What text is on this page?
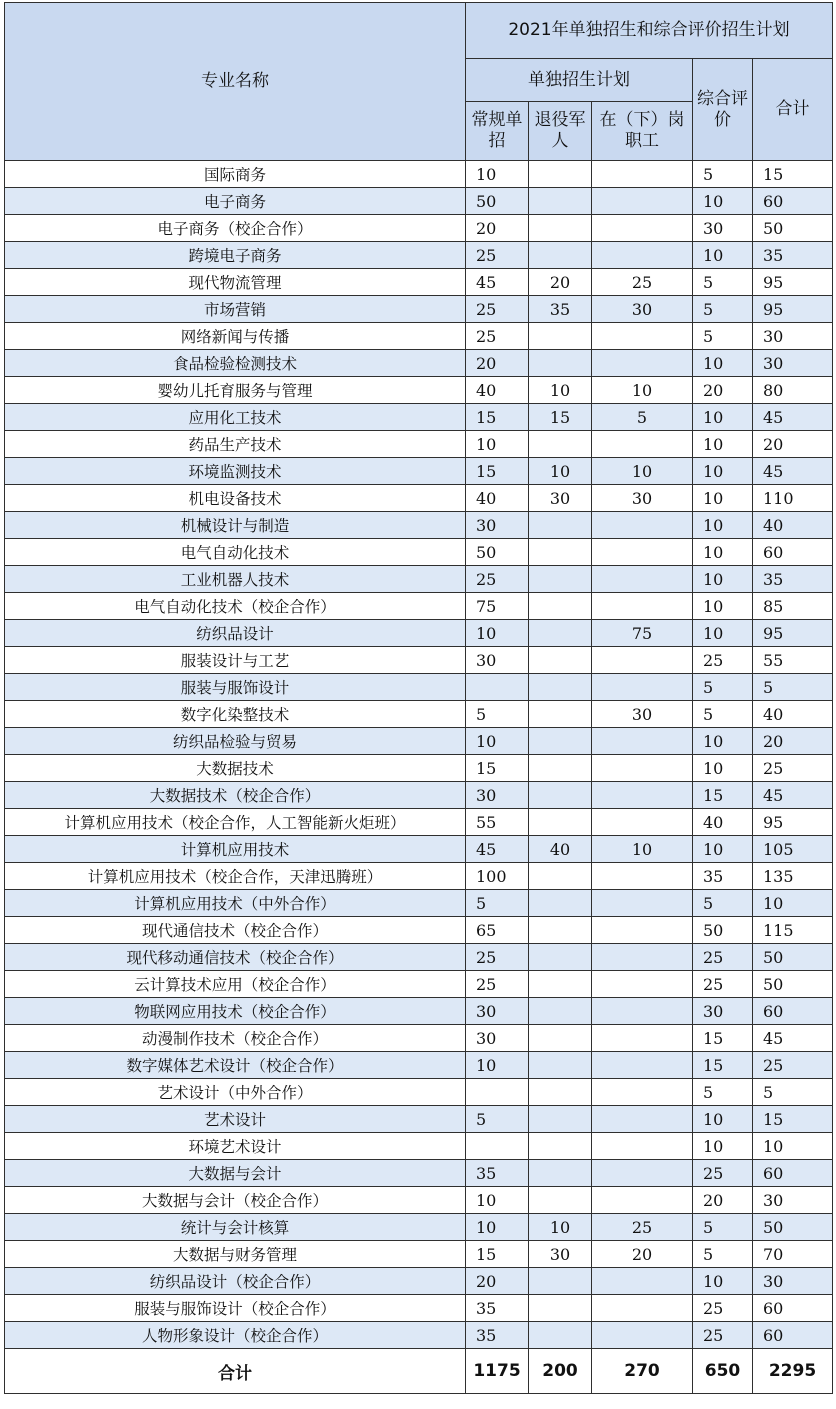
专业名称	2021年单独招生和综合评价招生计划				
	单独招生计划			综合评价	合计
	常规单招	退役军人	在（下）岗职工		
国际商务	10			5	15
电子商务	50			10	60
电子商务（校企合作）	20			30	50
跨境电子商务	25			10	35
现代物流管理	45	20	25	5	95
市场营销	25	35	30	5	95
网络新闻与传播	25			5	30
食品检验检测技术	20			10	30
婴幼儿托育服务与管理	40	10	10	20	80
应用化工技术	15	15	5	10	45
药品生产技术	10			10	20
环境监测技术	15	10	10	10	45
机电设备技术	40	30	30	10	110
机械设计与制造	30			10	40
电气自动化技术	50			10	60
工业机器人技术	25			10	35
电气自动化技术（校企合作）	75			10	85
纺织品设计	10		75	10	95
服装设计与工艺	30			25	55
服装与服饰设计				5	5
数字化染整技术	5		30	5	40
纺织品检验与贸易	10			10	20
大数据技术	15			10	25
大数据技术（校企合作）	30			15	45
计算机应用技术（校企合作，人工智能新火炬班）	55			40	95
计算机应用技术	45	40	10	10	105
计算机应用技术（校企合作，天津迅腾班）	100			35	135
计算机应用技术（中外合作）	5			5	10
现代通信技术（校企合作）	65			50	115
现代移动通信技术（校企合作）	25			25	50
云计算技术应用（校企合作）	25			25	50
物联网应用技术（校企合作）	30			30	60
动漫制作技术（校企合作）	30			15	45
数字媒体艺术设计（校企合作）	10			15	25
艺术设计（中外合作）				5	5
艺术设计	5			10	15
环境艺术设计				10	10
大数据与会计	35			25	60
大数据与会计（校企合作）	10			20	30
统计与会计核算	10	10	25	5	50
大数据与财务管理	15	30	20	5	70
纺织品设计（校企合作）	20			10	30
服装与服饰设计（校企合作）	35			25	60
人物形象设计（校企合作）	35			25	60
合计	1175	200	270	650	2295
